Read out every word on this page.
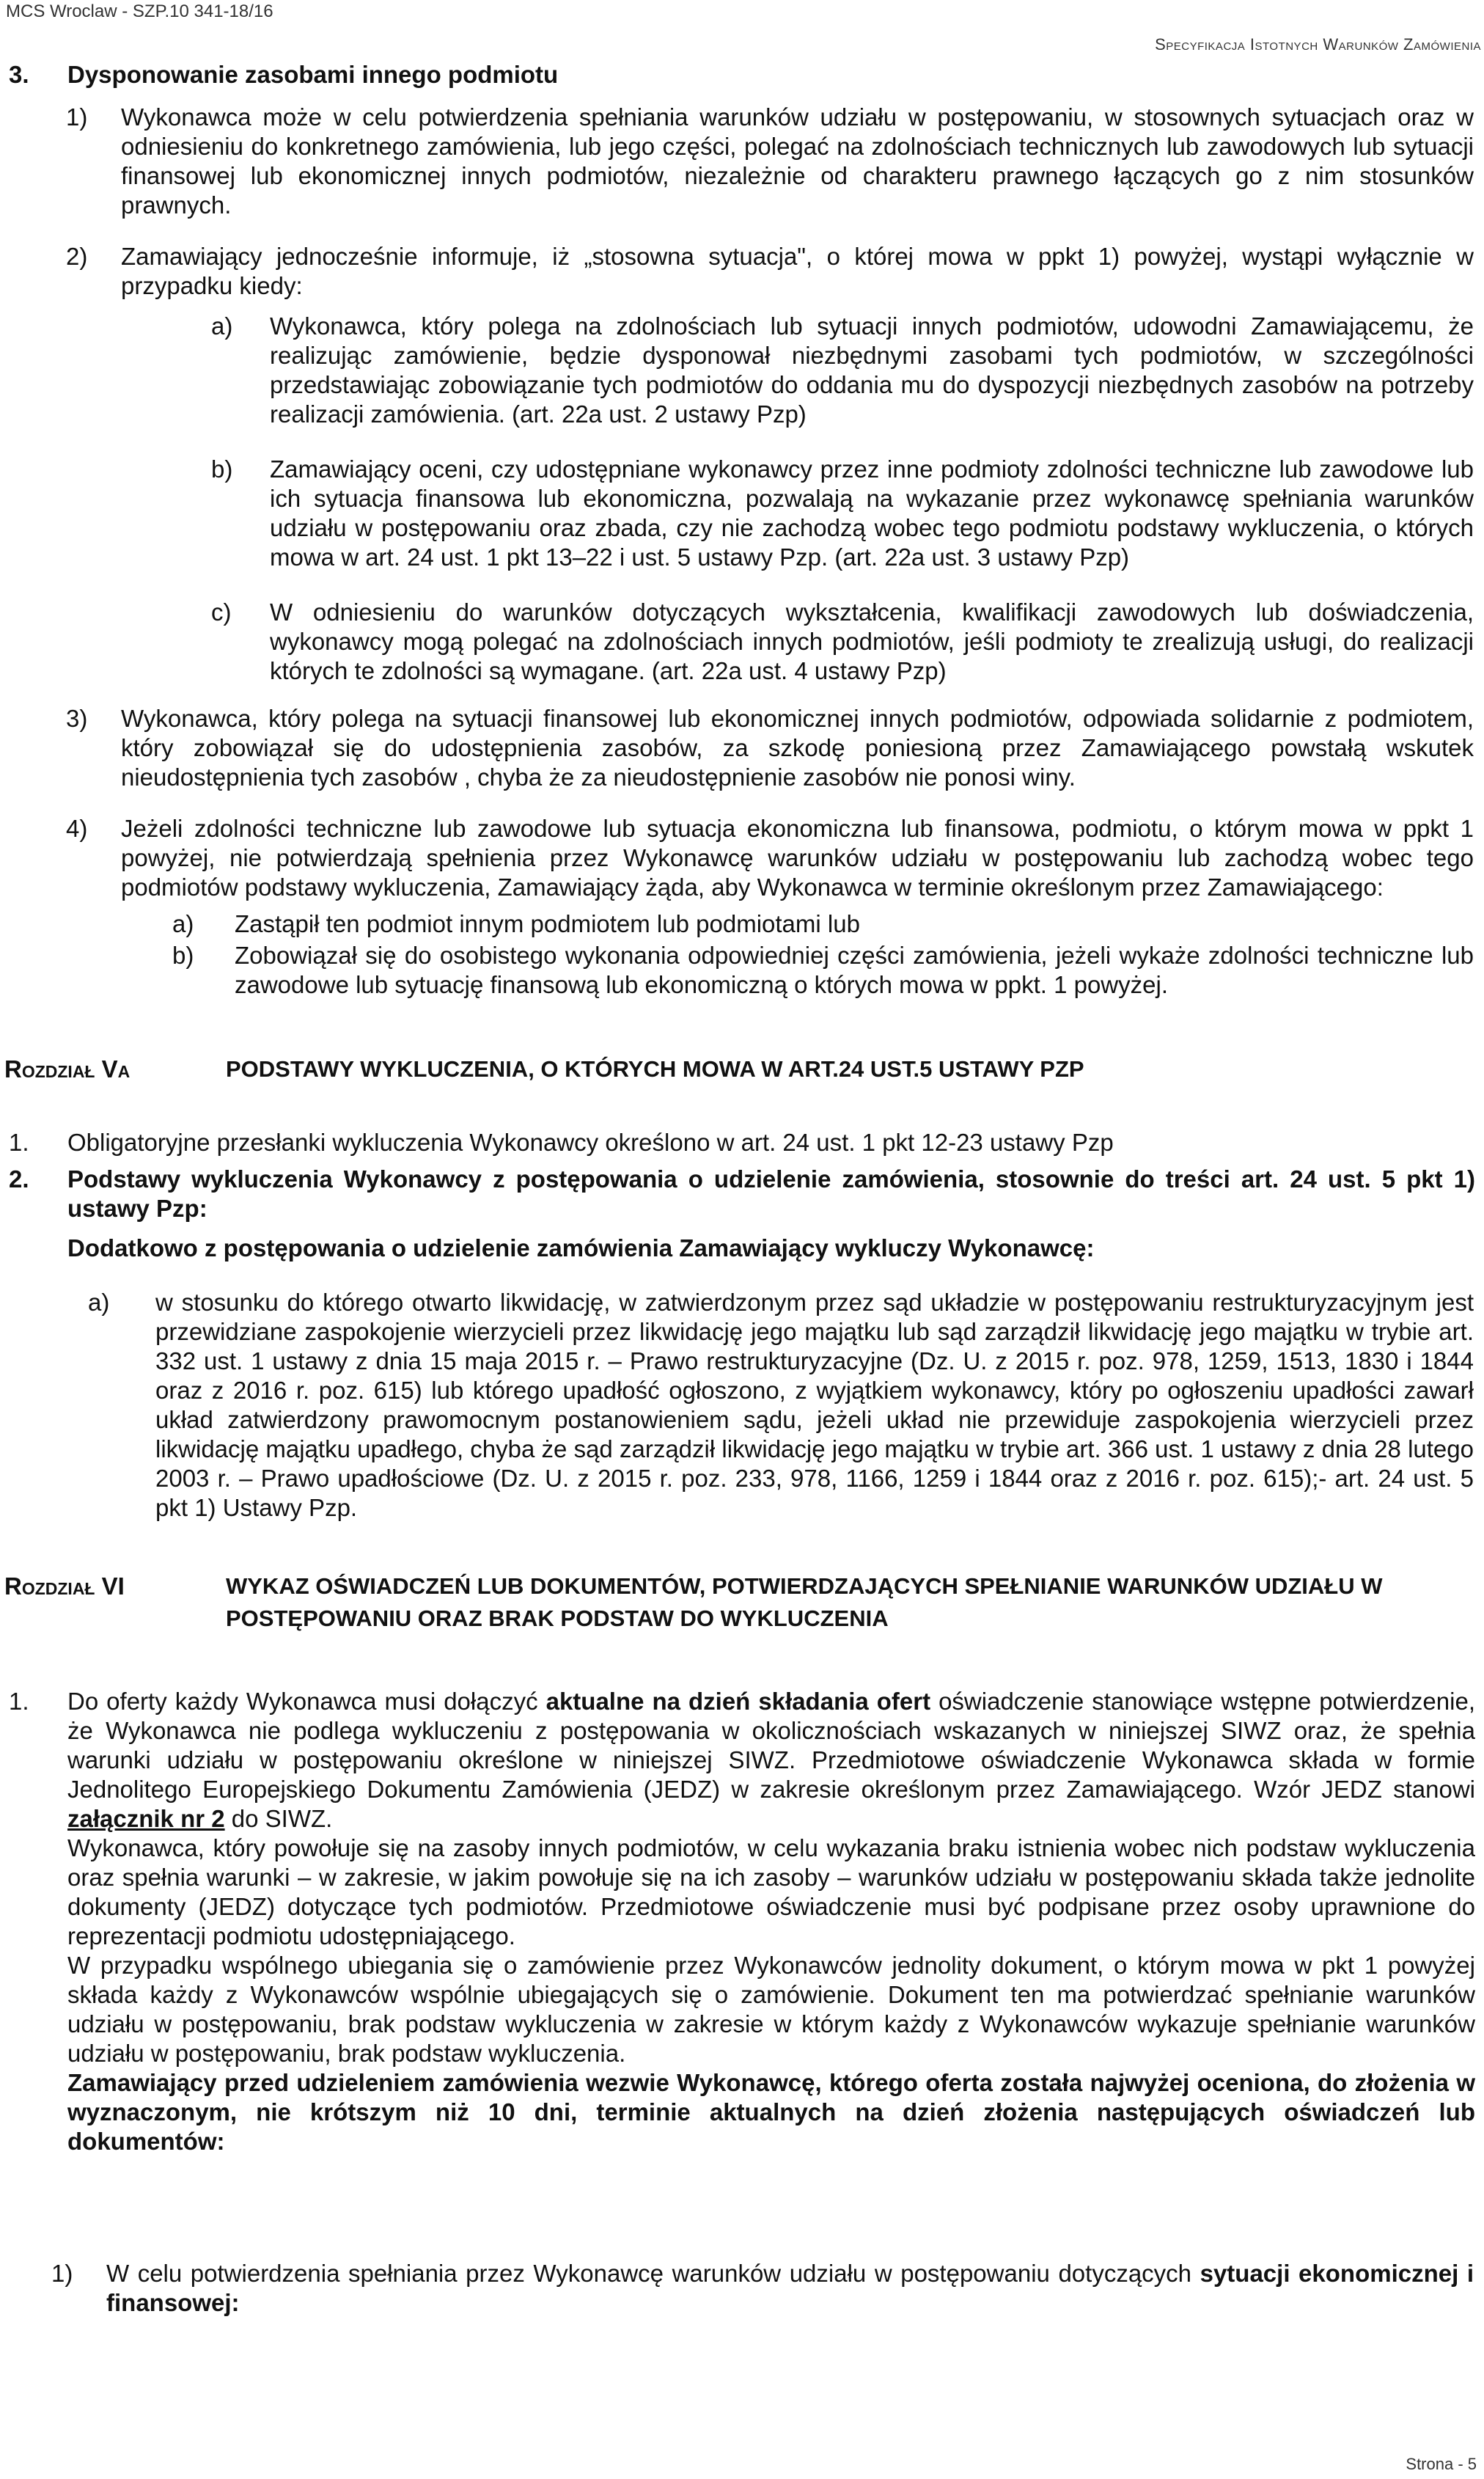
MCS Wroclaw - SZP.10 341-18/16
Specyfikacja Istotnych Warunków Zamówienia
3.	Dysponowanie zasobami innego podmiotu
1)	Wykonawca może w celu potwierdzenia spełniania warunków udziału w postępowaniu, w stosownych sytuacjach oraz w odniesieniu do konkretnego zamówienia, lub jego części, polegać na zdolnościach technicznych lub zawodowych lub sytuacji finansowej lub ekonomicznej innych podmiotów, niezależnie od charakteru prawnego łączących go z nim stosunków prawnych.

2)	Zamawiający jednocześnie informuje, iż „stosowna sytuacja", o której mowa w ppkt 1) powyżej, wystąpi wyłącznie w przypadku kiedy:

a)	Wykonawca, który polega na zdolnościach lub sytuacji innych podmiotów, udowodni Zamawiającemu, że realizując zamówienie, będzie dysponował niezbędnymi zasobami tych podmiotów, w szczególności przedstawiając zobowiązanie tych podmiotów do oddania mu do dyspozycji niezbędnych zasobów na potrzeby realizacji zamówienia. (art. 22a ust. 2 ustawy Pzp)

b)	Zamawiający oceni, czy udostępniane wykonawcy przez inne podmioty zdolności techniczne lub zawodowe lub ich sytuacja finansowa lub ekonomiczna, pozwalają na wykazanie przez wykonawcę spełniania warunków udziału w postępowaniu oraz zbada, czy nie zachodzą wobec tego podmiotu podstawy wykluczenia, o których mowa w art. 24 ust. 1 pkt 13–22 i ust. 5 ustawy Pzp. (art. 22a ust. 3 ustawy Pzp)

c)	W odniesieniu do warunków dotyczących wykształcenia, kwalifikacji zawodowych lub doświadczenia, wykonawcy mogą polegać na zdolnościach innych podmiotów, jeśli podmioty te zrealizują usługi, do realizacji których te zdolności są wymagane. (art. 22a ust. 4 ustawy Pzp)

3)	Wykonawca, który polega na sytuacji finansowej lub ekonomicznej innych podmiotów, odpowiada solidarnie z podmiotem, który zobowiązał się do udostępnienia zasobów, za szkodę poniesioną przez Zamawiającego powstałą wskutek nieudostępnienia tych zasobów , chyba że za nieudostępnienie zasobów nie ponosi winy.

4)	Jeżeli zdolności techniczne lub zawodowe lub sytuacja ekonomiczna lub finansowa, podmiotu, o którym mowa w ppkt 1 powyżej, nie potwierdzają spełnienia przez Wykonawcę warunków udziału w postępowaniu lub zachodzą wobec tego podmiotów podstawy wykluczenia, Zamawiający żąda, aby Wykonawca w terminie określonym przez Zamawiającego:

a)	Zastąpił ten podmiot innym podmiotem lub podmiotami lub

b)	Zobowiązał się do osobistego wykonania odpowiedniej części zamówienia, jeżeli wykaże zdolności techniczne lub zawodowe lub sytuację finansową lub ekonomiczną o których mowa w ppkt. 1 powyżej.

Rozdział Va	PODSTAWY WYKLUCZENIA, O KTÓRYCH MOWA W ART.24 UST.5 USTAWY PZP
1.	Obligatoryjne przesłanki wykluczenia Wykonawcy określono w art. 24 ust. 1 pkt 12-23 ustawy Pzp

2.	Podstawy wykluczenia Wykonawcy z postępowania o udzielenie zamówienia, stosownie do treści art. 24 ust. 5 pkt 1) ustawy Pzp:

Dodatkowo z postępowania o udzielenie zamówienia Zamawiający wykluczy Wykonawcę:

a)	w stosunku do którego otwarto likwidację, w zatwierdzonym przez sąd układzie w postępowaniu restrukturyzacyjnym jest przewidziane zaspokojenie wierzycieli przez likwidację jego majątku lub sąd zarządził likwidację jego majątku w trybie art. 332 ust. 1 ustawy z dnia 15 maja 2015 r. – Prawo restrukturyzacyjne (Dz. U. z 2015 r. poz. 978, 1259, 1513, 1830 i 1844 oraz z 2016 r. poz. 615) lub którego upadłość ogłoszono, z wyjątkiem wykonawcy, który po ogłoszeniu upadłości zawarł układ zatwierdzony prawomocnym postanowieniem sądu, jeżeli układ nie przewiduje zaspokojenia wierzycieli przez likwidację majątku upadłego, chyba że sąd zarządził likwidację jego majątku w trybie art. 366 ust. 1 ustawy z dnia 28 lutego 2003 r. – Prawo upadłościowe (Dz. U. z 2015 r. poz. 233, 978, 1166, 1259 i 1844 oraz z 2016 r. poz. 615);- art. 24 ust. 5 pkt 1) Ustawy Pzp.

Rozdział VI	WYKAZ OŚWIADCZEŃ LUB DOKUMENTÓW, POTWIERDZAJĄCYCH SPEŁNIANIE WARUNKÓW UDZIAŁU W
POSTĘPOWANIU ORAZ BRAK PODSTAW DO WYKLUCZENIA
1.	Do oferty każdy Wykonawca musi dołączyć aktualne na dzień składania ofert oświadczenie stanowiące wstępne potwierdzenie, że Wykonawca nie podlega wykluczeniu z postępowania w okolicznościach wskazanych w niniejszej SIWZ oraz, że spełnia warunki udziału w postępowaniu określone w niniejszej SIWZ. Przedmiotowe oświadczenie Wykonawca składa w formie Jednolitego Europejskiego Dokumentu Zamówienia (JEDZ) w zakresie określonym przez Zamawiającego. Wzór JEDZ stanowi załącznik nr 2 do SIWZ.

Wykonawca, który powołuje się na zasoby innych podmiotów, w celu wykazania braku istnienia wobec nich podstaw wykluczenia oraz spełnia warunki – w zakresie, w jakim powołuje się na ich zasoby – warunków udziału w postępowaniu składa także jednolite dokumenty (JEDZ) dotyczące tych podmiotów. Przedmiotowe oświadczenie musi być podpisane przez osoby uprawnione do reprezentacji podmiotu udostępniającego.

W przypadku wspólnego ubiegania się o zamówienie przez Wykonawców jednolity dokument, o którym mowa w pkt 1 powyżej składa każdy z Wykonawców wspólnie ubiegających się o zamówienie. Dokument ten ma potwierdzać spełnianie warunków udziału w postępowaniu, brak podstaw wykluczenia w zakresie w którym każdy z Wykonawców wykazuje spełnianie warunków udziału w postępowaniu, brak podstaw wykluczenia.

Zamawiający przed udzieleniem zamówienia wezwie Wykonawcę, którego oferta została najwyżej oceniona, do złożenia w wyznaczonym, nie krótszym niż 10 dni, terminie aktualnych na dzień złożenia następujących oświadczeń lub dokumentów:

1)	W celu potwierdzenia spełniania przez Wykonawcę warunków udziału w postępowaniu dotyczących sytuacji ekonomicznej i finansowej:

Strona - 5
